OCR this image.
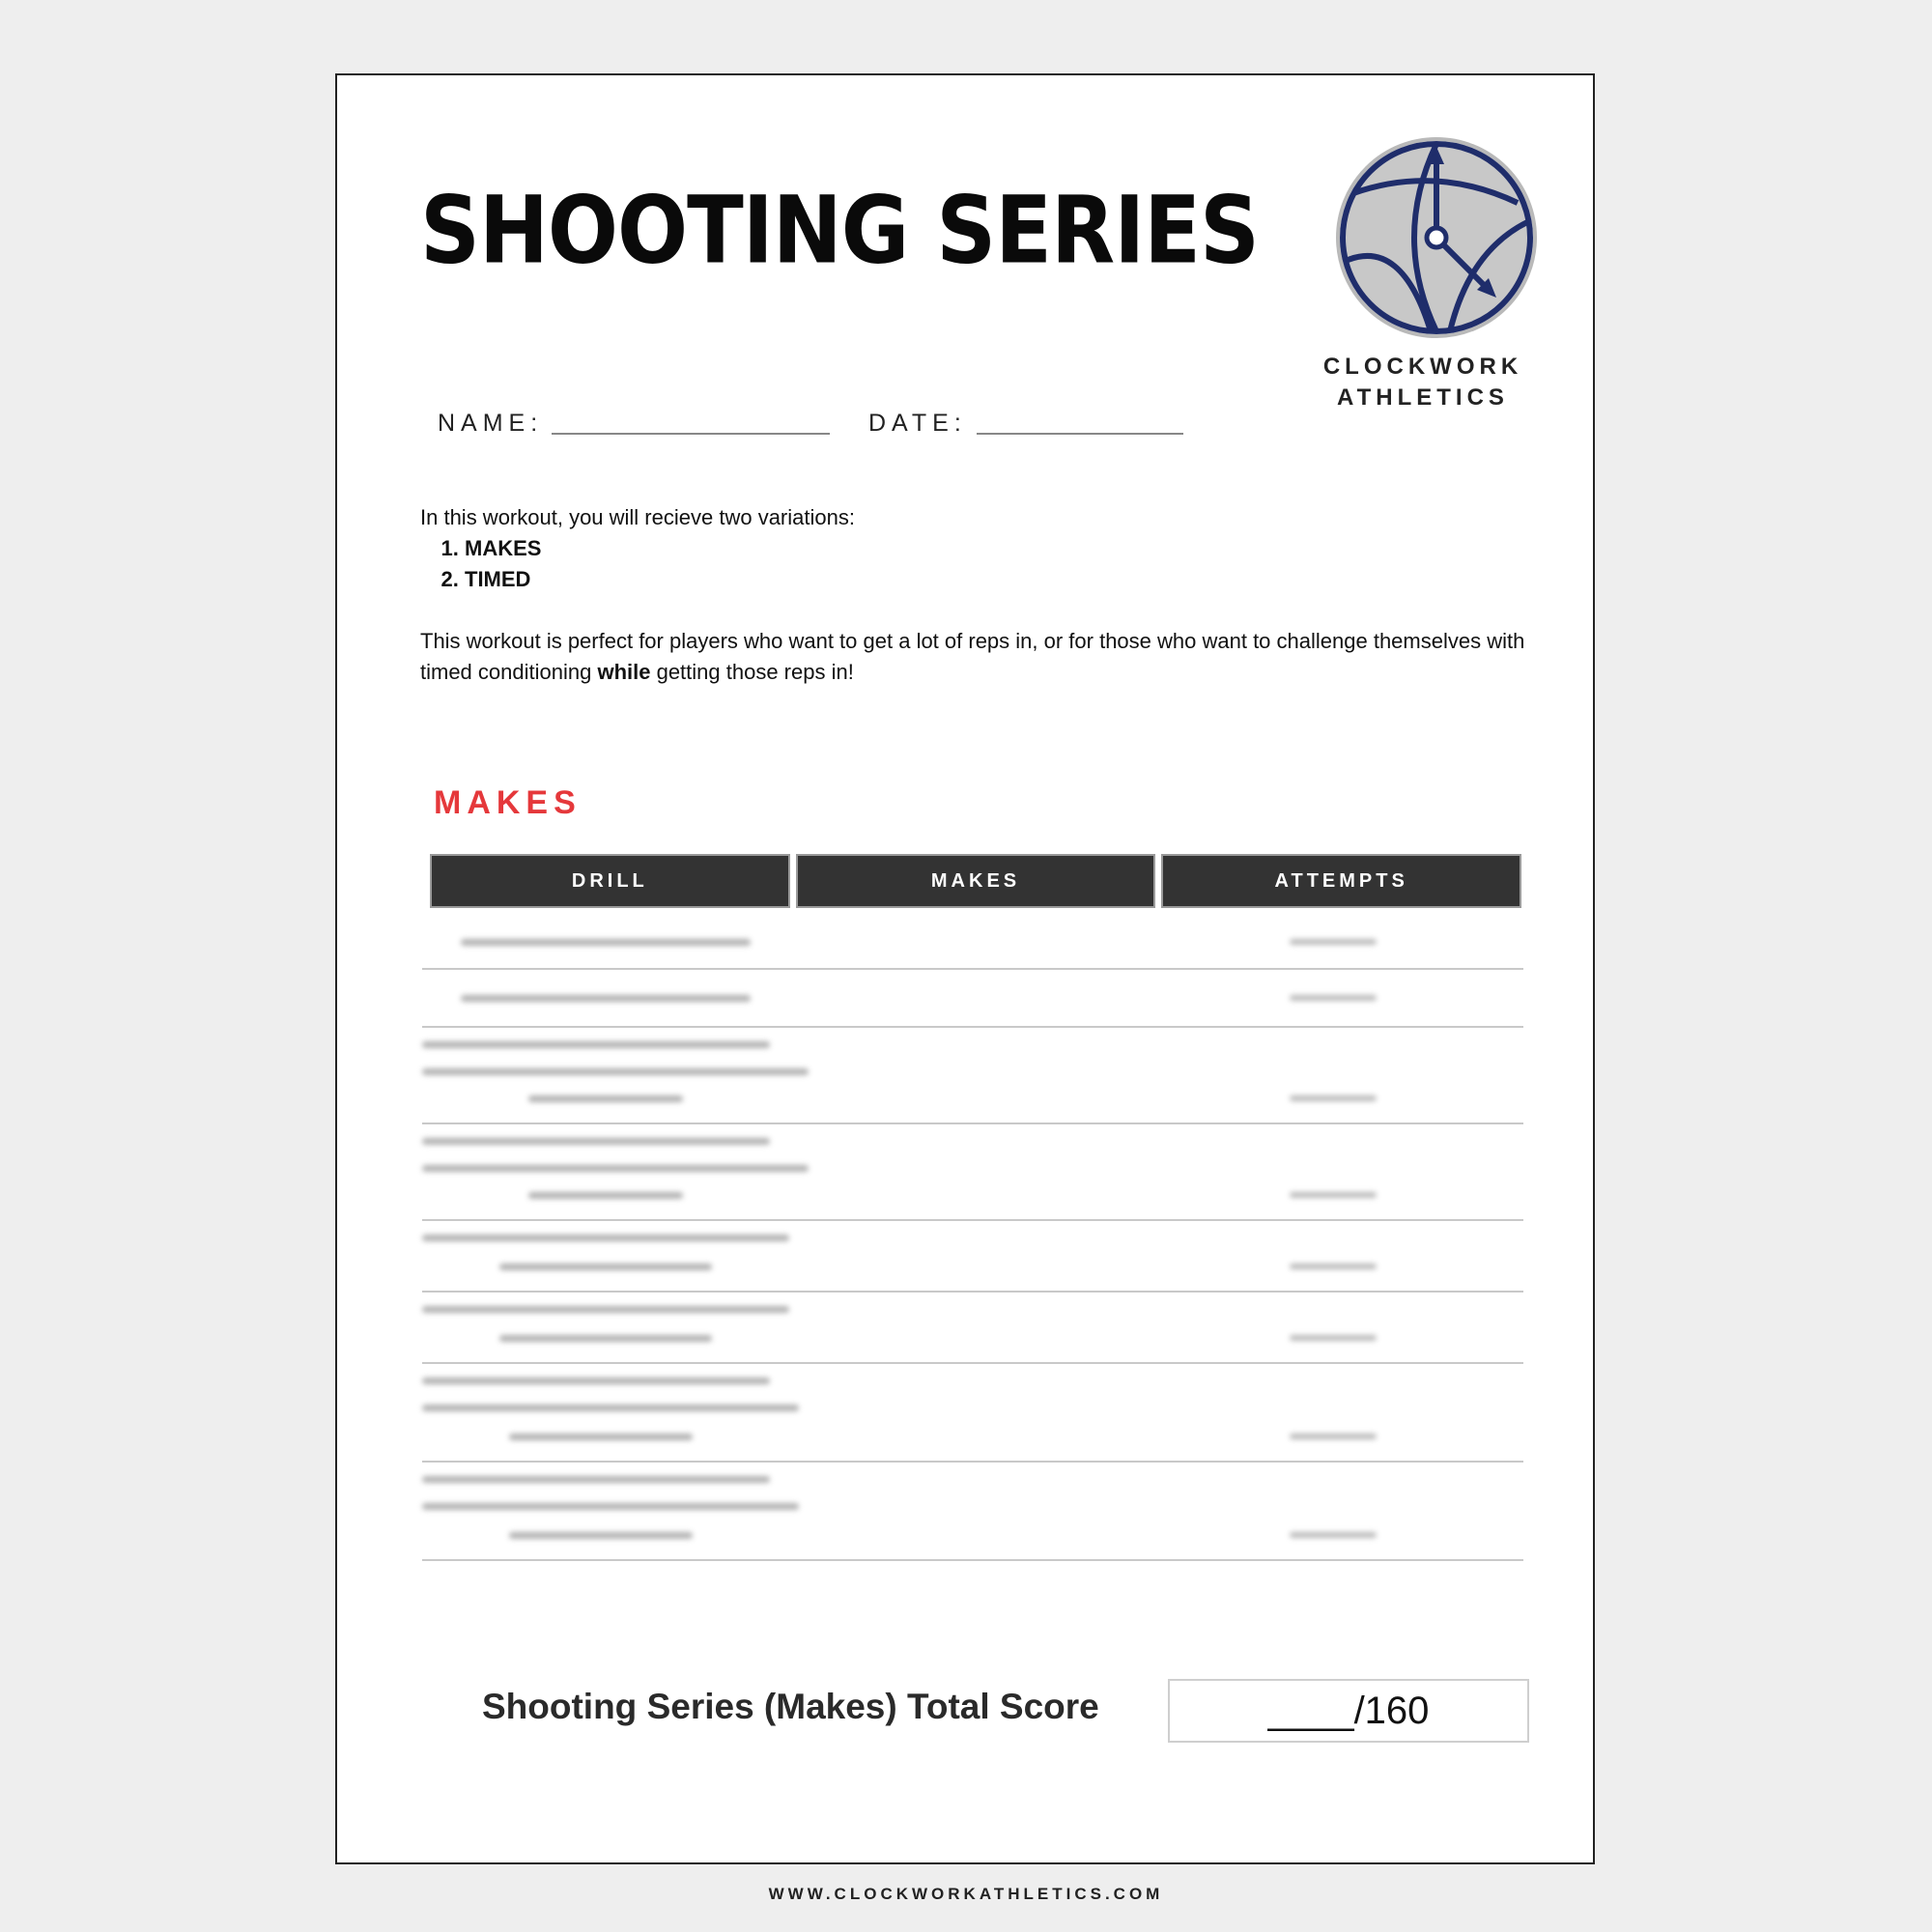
SHOOTING SERIES
CLOCKWORK
ATHLETICS
NAME:	DATE:

In this workout, you will recieve two variations:

1. MAKES
2. TIMED

This workout is perfect for players who want to get a lot of reps in, or for those who want to challenge themselves with timed conditioning while getting those reps in!

MAKES
DRILL	MAKES	ATTEMPTS
Shooting Series (Makes) Total Score	____/160
WWW.CLOCKWORKATHLETICS.COM
